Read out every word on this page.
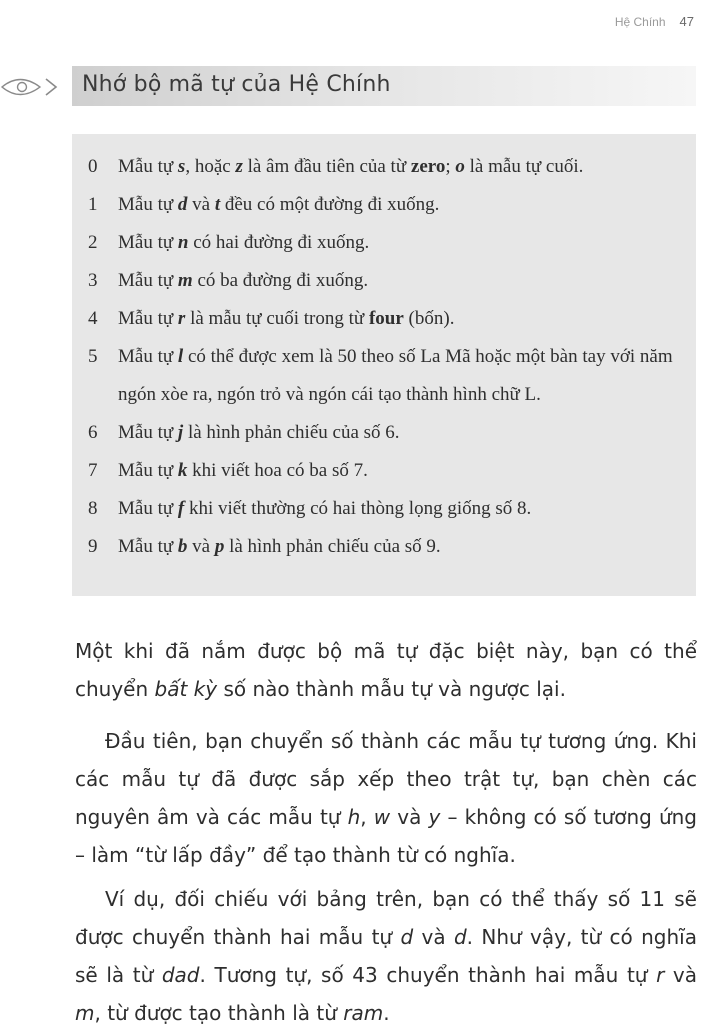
Hệ Chính 47
Nhớ bộ mã tự của Hệ Chính
0	Mẫu tự s, hoặc z là âm đầu tiên của từ zero; o là mẫu tự cuối.
1	Mẫu tự d và t đều có một đường đi xuống.
2	Mẫu tự n có hai đường đi xuống.
3	Mẫu tự m có ba đường đi xuống.
4	Mẫu tự r là mẫu tự cuối trong từ four (bốn).
5	Mẫu tự l có thể được xem là 50 theo số La Mã hoặc một bàn tay với năm ngón xòe ra, ngón trỏ và ngón cái tạo thành hình chữ L.
6	Mẫu tự j là hình phản chiếu của số 6.
7	Mẫu tự k khi viết hoa có ba số 7.
8	Mẫu tự f khi viết thường có hai thòng lọng giống số 8.
9	Mẫu tự b và p là hình phản chiếu của số 9.

Một khi đã nắm được bộ mã tự đặc biệt này, bạn có thể chuyển bất kỳ số nào thành mẫu tự và ngược lại.

Đầu tiên, bạn chuyển số thành các mẫu tự tương ứng. Khi các mẫu tự đã được sắp xếp theo trật tự, bạn chèn các nguyên âm và các mẫu tự h, w và y – không có số tương ứng – làm “từ lấp đầy” để tạo thành từ có nghĩa.

Ví dụ, đối chiếu với bảng trên, bạn có thể thấy số 11 sẽ được chuyển thành hai mẫu tự d và d. Như vậy, từ có nghĩa sẽ là từ dad. Tương tự, số 43 chuyển thành hai mẫu tự r và m, từ được tạo thành là từ ram.
